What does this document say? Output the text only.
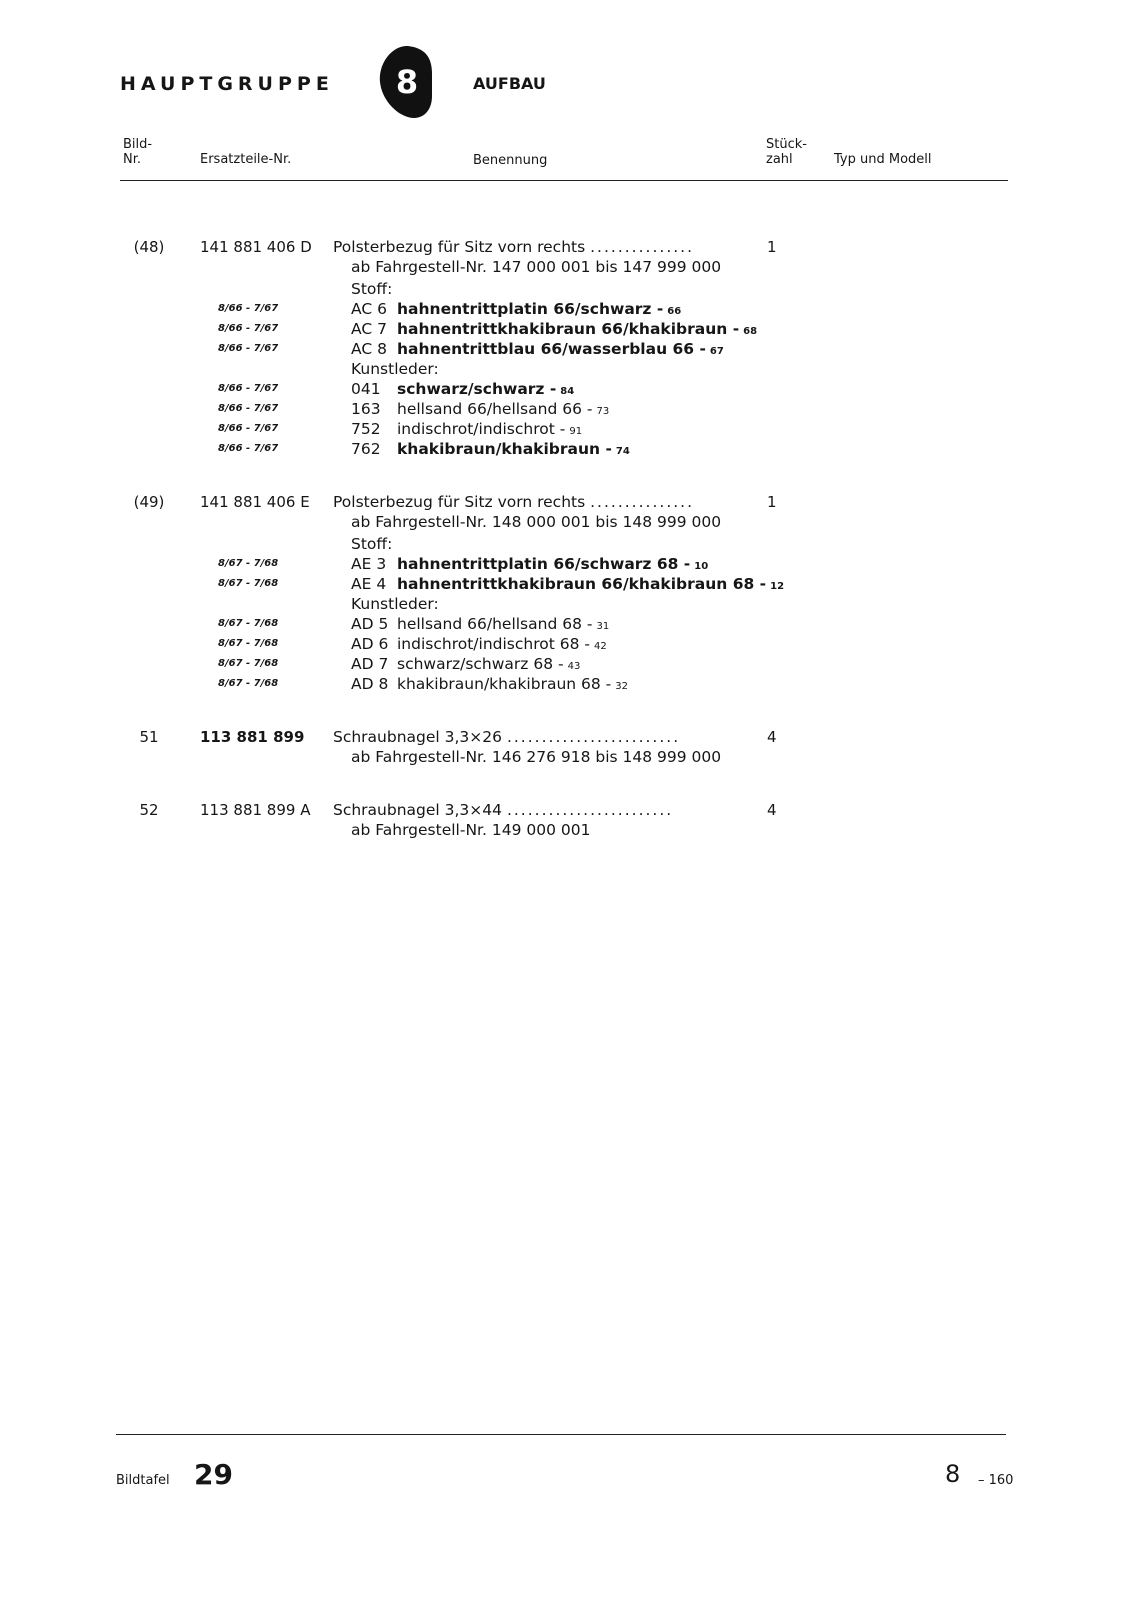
HAUPTGRUPPE 8	AUFBAU
Bild-
Nr.	Ersatzteile-Nr.	Benennung
Stück-
zahl	Typ und Modell
(48)	141 881 406 D Polsterbezug für Sitz vorn rechts ...............	1
ab Fahrgestell-Nr. 147 000 001 bis 147 999 000
Stoff:
8/66 - 7/67	AC 6 hahnentrittplatin 66/schwarz - 66
8/66 - 7/67	AC 7 hahnentrittkhakibraun 66/khakibraun - 68
8/66 - 7/67	AC 8 hahnentrittblau 66/wasserblau 66 - 67
Kunstleder:
8/66 - 7/67	041	schwarz/schwarz - 84
8/66 - 7/67	163	hellsand 66/hellsand 66 - 73
8/66 - 7/67	752	indischrot/indischrot - 91
8/66 - 7/67	762	khakibraun/khakibraun - 74
(49)	141 881 406 E Polsterbezug für Sitz vorn rechts ...............	1
ab Fahrgestell-Nr. 148 000 001 bis 148 999 000
Stoff:
8/67 - 7/68	AE 3 hahnentrittplatin 66/schwarz 68 - 10
8/67 - 7/68	AE 4 hahnentrittkhakibraun 66/khakibraun 68 - 12
Kunstleder:
8/67 - 7/68	AD 5 hellsand 66/hellsand 68 - 31
8/67 - 7/68	AD 6 indischrot/indischrot 68 - 42
8/67 - 7/68	AD 7 schwarz/schwarz 68 - 43
8/67 - 7/68	AD 8 khakibraun/khakibraun 68 - 32
51	113 881 899 Schraubnagel 3,3×26 .........................	4
ab Fahrgestell-Nr. 146 276 918 bis 148 999 000
52	113 881 899 A Schraubnagel 3,3×44 ........................	4
ab Fahrgestell-Nr. 149 000 001
Bildtafel 29	8 – 160
